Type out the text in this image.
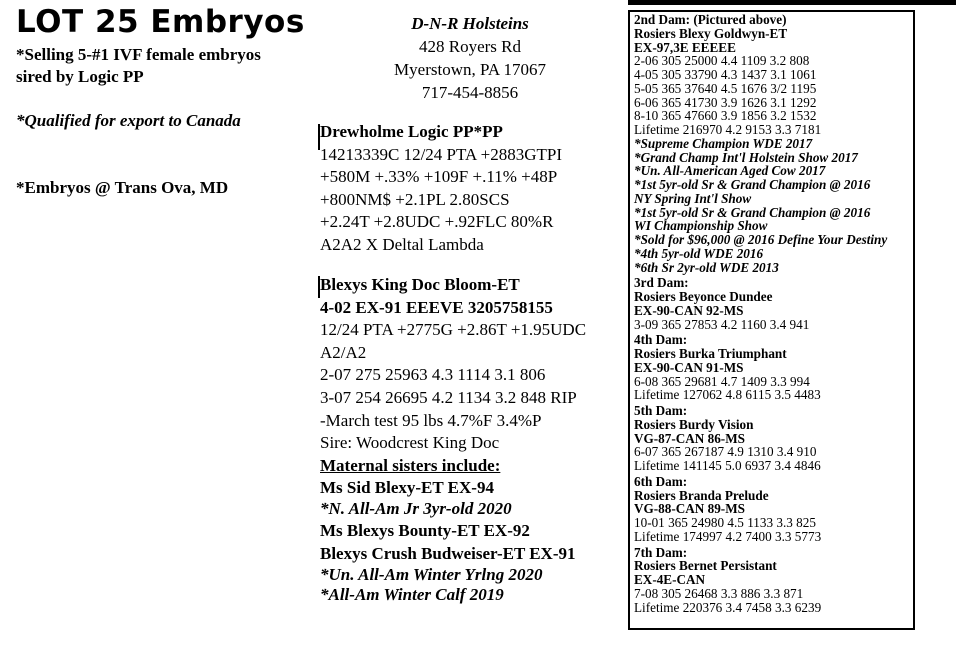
LOT 25 Embryos
*Selling 5-#1 IVF female embryos
sired by Logic PP
*Qualified for export to Canada
*Embryos @ Trans Ova, MD
D-N-R Holsteins
428 Royers Rd
Myerstown, PA 17067
717-454-8856
Drewholme Logic PP*PP
14213339C 12/24 PTA +2883GTPI
+580M +.33% +109F +.11% +48P
+800NM$ +2.1PL 2.80SCS
+2.24T +2.8UDC +.92FLC 80%R
A2A2 X Deltal Lambda
Blexys King Doc Bloom-ET
4-02 EX-91 EEEVE 3205758155
12/24 PTA +2775G +2.86T +1.95UDC
A2/A2
2-07 275 25963 4.3 1114 3.1 806
3-07 254 26695 4.2 1134 3.2 848 RIP
-March test 95 lbs 4.7%F 3.4%P
Sire: Woodcrest King Doc
Maternal sisters include:
Ms Sid Blexy-ET EX-94
*N. All-Am Jr 3yr-old 2020
Ms Blexys Bounty-ET EX-92
Blexys Crush Budweiser-ET EX-91
*Un. All-Am Winter Yrlng 2020
*All-Am Winter Calf 2019
2nd Dam: (Pictured above)
Rosiers Blexy Goldwyn-ET
EX-97,3E EEEEE
2-06 305 25000 4.4 1109 3.2 808
4-05 305 33790 4.3 1437 3.1 1061
5-05 365 37640 4.5 1676 3/2 1195
6-06 365 41730 3.9 1626 3.1 1292
8-10 365 47660 3.9 1856 3.2 1532
Lifetime 216970 4.2 9153 3.3 7181
*Supreme Champion WDE 2017
*Grand Champ Int'l Holstein Show 2017
*Un. All-American Aged Cow 2017
*1st 5yr-old Sr & Grand Champion @ 2016
NY Spring Int'l Show
*1st 5yr-old Sr & Grand Champion @ 2016
WI Championship Show
*Sold for $96,000 @ 2016 Define Your Destiny
*4th 5yr-old WDE 2016
*6th Sr 2yr-old WDE 2013
3rd Dam:
Rosiers Beyonce Dundee
EX-90-CAN 92-MS
3-09 365 27853 4.2 1160 3.4 941
4th Dam:
Rosiers Burka Triumphant
EX-90-CAN 91-MS
6-08 365 29681 4.7 1409 3.3 994
Lifetime 127062 4.8 6115 3.5 4483
5th Dam:
Rosiers Burdy Vision
VG-87-CAN 86-MS
6-07 365 267187 4.9 1310 3.4 910
Lifetime 141145 5.0 6937 3.4 4846
6th Dam:
Rosiers Branda Prelude
VG-88-CAN 89-MS
10-01 365 24980 4.5 1133 3.3 825
Lifetime 174997 4.2 7400 3.3 5773
7th Dam:
Rosiers Bernet Persistant
EX-4E-CAN
7-08 305 26468 3.3 886 3.3 871
Lifetime 220376 3.4 7458 3.3 6239
